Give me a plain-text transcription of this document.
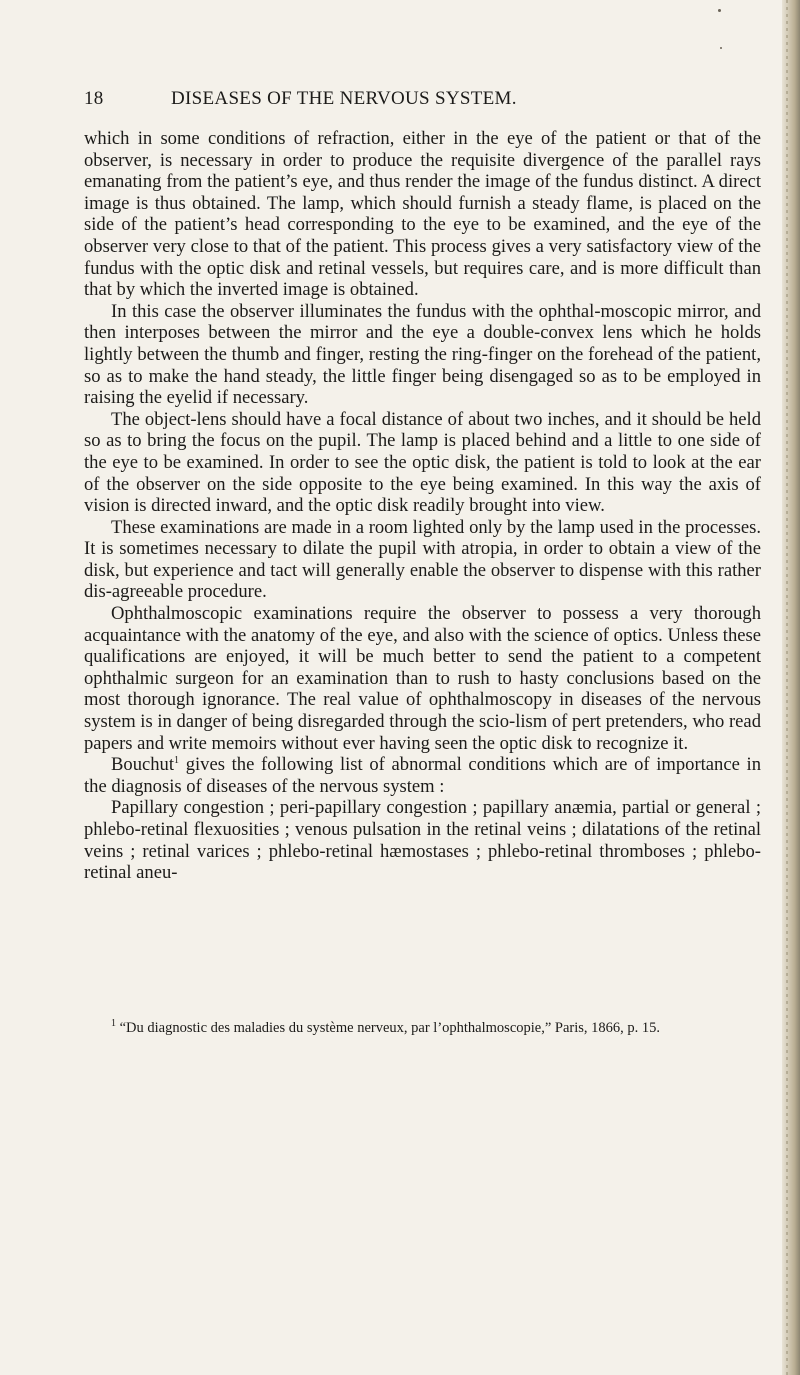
18	DISEASES OF THE NERVOUS SYSTEM.

which in some conditions of refraction, either in the eye of the patient or that of the observer, is necessary in order to produce the requisite divergence of the parallel rays emanating from the patient’s eye, and thus render the image of the fundus distinct. A direct image is thus obtained. The lamp, which should furnish a steady flame, is placed on the side of the patient’s head corresponding to the eye to be examined, and the eye of the observer very close to that of the patient. This process gives a very satisfactory view of the fundus with the optic disk and retinal vessels, but requires care, and is more difficult than that by which the inverted image is obtained.

In this case the observer illuminates the fundus with the ophthal-moscopic mirror, and then interposes between the mirror and the eye a double-convex lens which he holds lightly between the thumb and finger, resting the ring-finger on the forehead of the patient, so as to make the hand steady, the little finger being disengaged so as to be employed in raising the eyelid if necessary.

The object-lens should have a focal distance of about two inches, and it should be held so as to bring the focus on the pupil. The lamp is placed behind and a little to one side of the eye to be examined. In order to see the optic disk, the patient is told to look at the ear of the observer on the side opposite to the eye being examined. In this way the axis of vision is directed inward, and the optic disk readily brought into view.

These examinations are made in a room lighted only by the lamp used in the processes. It is sometimes necessary to dilate the pupil with atropia, in order to obtain a view of the disk, but experience and tact will generally enable the observer to dispense with this rather dis-agreeable procedure.

Ophthalmoscopic examinations require the observer to possess a very thorough acquaintance with the anatomy of the eye, and also with the science of optics. Unless these qualifications are enjoyed, it will be much better to send the patient to a competent ophthalmic surgeon for an examination than to rush to hasty conclusions based on the most thorough ignorance. The real value of ophthalmoscopy in diseases of the nervous system is in danger of being disregarded through the scio-lism of pert pretenders, who read papers and write memoirs without ever having seen the optic disk to recognize it.

Bouchut$^1$ gives the following list of abnormal conditions which are of importance in the diagnosis of diseases of the nervous system :

Papillary congestion ; peri-papillary congestion ; papillary anæmia, partial or general ; phlebo-retinal flexuosities ; venous pulsation in the retinal veins ; dilatations of the retinal veins ; retinal varices ; phlebo-retinal hæmostases ; phlebo-retinal thromboses ; phlebo-retinal aneu-

$^1$ “Du diagnostic des maladies du système nerveux, par l’ophthalmoscopie,” Paris, 1866, p. 15.
